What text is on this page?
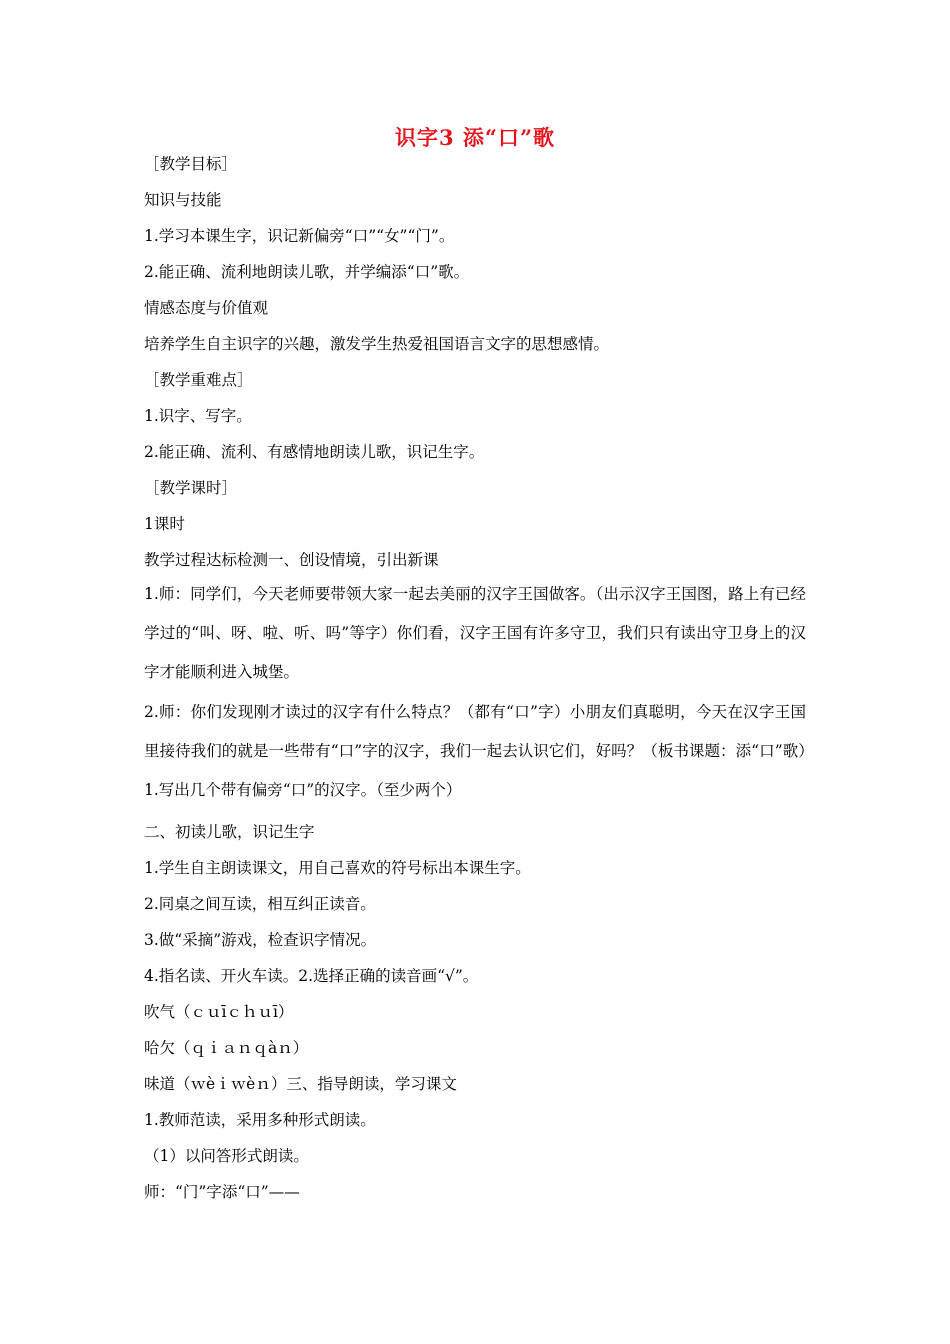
识字3 添“口”歌
［教学目标］
知识与技能
1.学习本课生字，识记新偏旁“口”“女”“门”。
2.能正确、流利地朗读儿歌，并学编添“口”歌。
情感态度与价值观
培养学生自主识字的兴趣，激发学生热爱祖国语言文字的思想感情。
［教学重难点］
1.识字、写字。
2.能正确、流利、有感情地朗读儿歌，识记生字。
［教学课时］
1课时
教学过程达标检测一、创设情境，引出新课
1.师：同学们，今天老师要带领大家一起去美丽的汉字王国做客。（出示汉字王国图，路上有已经学过的“叫、呀、啦、听、吗”等字）你们看，汉字王国有许多守卫，我们只有读出守卫身上的汉字才能顺利进入城堡。
2.师：你们发现刚才读过的汉字有什么特点？（都有“口”字）小朋友们真聪明，今天在汉字王国里接待我们的就是一些带有“口”字的汉字，我们一起去认识它们，好吗？（板书课题：添“口”歌）1.写出几个带有偏旁“口”的汉字。（至少两个）
二、初读儿歌，识记生字
1.学生自主朗读课文，用自己喜欢的符号标出本课生字。
2.同桌之间互读，相互纠正读音。
3.做“采摘”游戏，检查识字情况。
4.指名读、开火车读。2.选择正确的读音画“√”。
吹气（ｃｕīｃｈｕī）
哈欠（ｑｉａｎｑàｎ）
味道（ｗèｉｗèｎ）三、指导朗读，学习课文
1.教师范读，采用多种形式朗读。
（1）以问答形式朗读。
师：“门”字添“口”——
